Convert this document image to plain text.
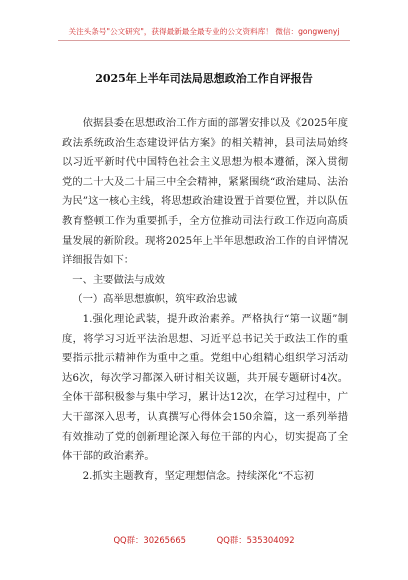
关注头条号"公文研究"，获得最新最全最专业的公文资料库！ 微信：gongwenyj
2025年上半年司法局思想政治工作自评报告

依据县委在思想政治工作方面的部署安排以及《2025年度政法系统政治生态建设评估方案》的相关精神，县司法局始终以习近平新时代中国特色社会主义思想为根本遵循，深入贯彻党的二十大及二十届三中全会精神，紧紧围绕“政治建局、法治为民”这一核心主线，将思想政治建设置于首要位置，并以队伍教育整顿工作为重要抓手，全方位推动司法行政工作迈向高质量发展的新阶段。现将2025年上半年思想政治工作的自评情况详细报告如下：

一、主要做法与成效

（一）高举思想旗帜，筑牢政治忠诚

1.强化理论武装，提升政治素养。严格执行“第一议题”制度，将学习习近平法治思想、习近平总书记关于政法工作的重要指示批示精神作为重中之重。党组中心组精心组织学习活动达6次，每次学习都深入研讨相关议题，共开展专题研讨4次。全体干部积极参与集中学习，累计达12次，在学习过程中，广大干部深入思考，认真撰写心得体会150余篇，这一系列举措有效推动了党的创新理论深入每位干部的内心，切实提高了全体干部的政治素养。

2.抓实主题教育，坚定理想信念。持续深化“不忘初

QQ群：30265665	QQ群：535304092
